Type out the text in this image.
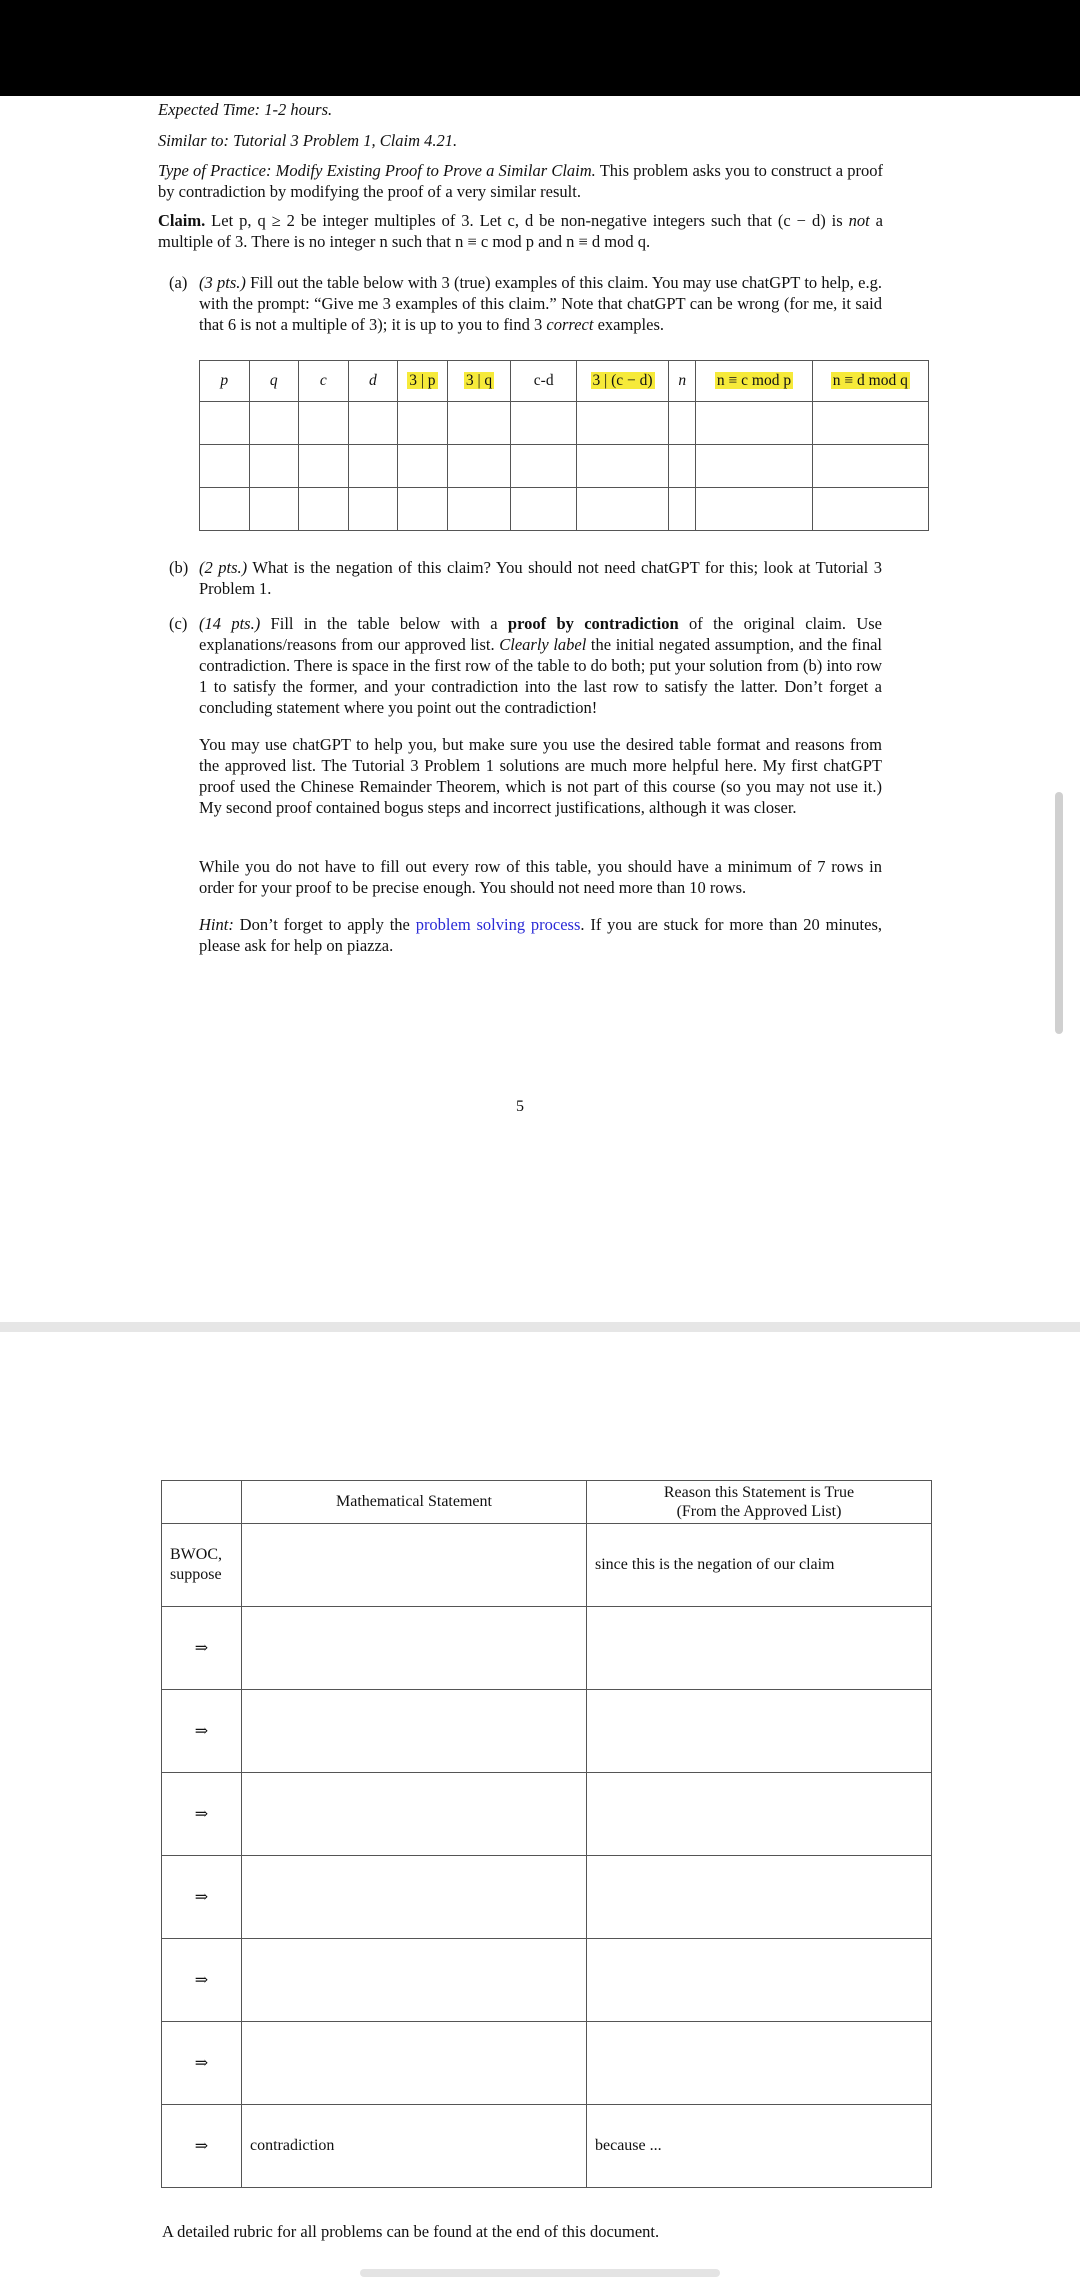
Expected Time: 1-2 hours.

Similar to: Tutorial 3 Problem 1, Claim 4.21.

Type of Practice: Modify Existing Proof to Prove a Similar Claim. This problem asks you to construct a proof by contradiction by modifying the proof of a very similar result.

Claim. Let p, q ≥ 2 be integer multiples of 3. Let c, d be non-negative integers such that (c − d) is not a multiple of 3. There is no integer n such that n ≡ c mod p and n ≡ d mod q.

(a) (3 pts.) Fill out the table below with 3 (true) examples of this claim. You may use chatGPT to help, e.g. with the prompt: “Give me 3 examples of this claim.” Note that chatGPT can be wrong (for me, it said that 6 is not a multiple of 3); it is up to you to find 3 correct examples.
p	q	c	d	3 | p	3 | q	c-d	3 | (c − d)	n	n ≡ c mod p	n ≡ d mod q

(b) (2 pts.) What is the negation of this claim? You should not need chatGPT for this; look at Tutorial 3 Problem 1.
(c) (14 pts.) Fill in the table below with a proof by contradiction of the original claim. Use explanations/reasons from our approved list. Clearly label the initial negated assumption, and the final contradiction. There is space in the first row of the table to do both; put your solution from (b) into row 1 to satisfy the former, and your contradiction into the last row to satisfy the latter. Don’t forget a concluding statement where you point out the contradiction!
You may use chatGPT to help you, but make sure you use the desired table format and reasons from the approved list. The Tutorial 3 Problem 1 solutions are much more helpful here. My first chatGPT proof used the Chinese Remainder Theorem, which is not part of this course (so you may not use it.) My second proof contained bogus steps and incorrect justifications, although it was closer.
While you do not have to fill out every row of this table, you should have a minimum of 7 rows in order for your proof to be precise enough. You should not need more than 10 rows.
Hint: Don’t forget to apply the problem solving process. If you are stuck for more than 20 minutes, please ask for help on piazza.
5
	Mathematical Statement	Reason this Statement is True
(From the Approved List)
BWOC,
suppose		since this is the negation of our claim
⇒		
⇒		
⇒		
⇒		
⇒		
⇒		
⇒	contradiction	because ...
A detailed rubric for all problems can be found at the end of this document.
